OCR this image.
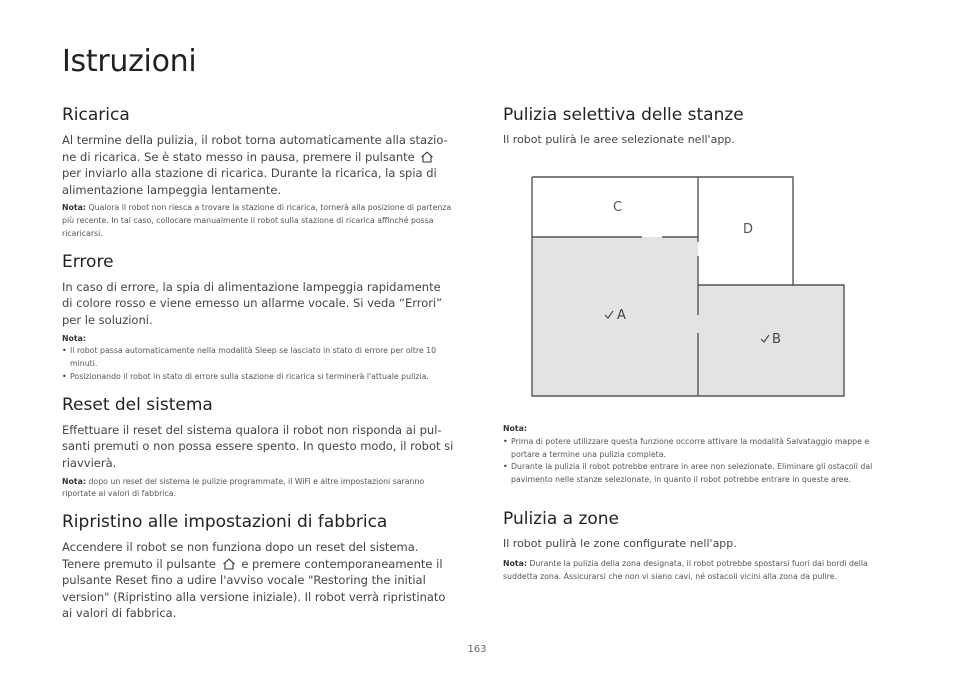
Istruzioni
Ricarica

Al termine della pulizia, il robot torna automaticamente alla stazio-ne di ricarica. Se è stato messo in pausa, premere il pulsante  per inviarlo alla stazione di ricarica. Durante la ricarica, la spia di alimentazione lampeggia lentamente.

Nota: Qualora il robot non riesca a trovare la stazione di ricarica, tornerà alla posizione di partenza più recente. In tal caso, collocare manualmente il robot sulla stazione di ricarica affinché possa ricaricarsi.

Errore

In caso di errore, la spia di alimentazione lampeggia rapidamente di colore rosso e viene emesso un allarme vocale. Si veda “Errori” per le soluzioni.

Nota:

• Il robot passa automaticamente nella modalità Sleep se lasciato in stato di errore per oltre 10 minuti.
• Posizionando il robot in stato di errore sulla stazione di ricarica si terminerà l'attuale pulizia.
Reset del sistema

Effettuare il reset del sistema qualora il robot non risponda ai pul-santi premuti o non possa essere spento. In questo modo, il robot si riavvierà.

Nota: dopo un reset del sistema le pulizie programmate, il WiFi e altre impostazioni saranno riportate ai valori di fabbrica.

Ripristino alle impostazioni di fabbrica

Accendere il robot se non funziona dopo un reset del sistema. Tenere premuto il pulsante e premere contemporaneamente il pulsante Reset fino a udire l'avviso vocale "Restoring the initial version" (Ripristino alla versione iniziale). Il robot verrà ripristinato ai valori di fabbrica.

Pulizia selettiva delle stanze

Il robot pulirà le aree selezionate nell'app.

C
D
A
B

Nota:

• Prima di potere utilizzare questa funzione occorre attivare la modalità Salvataggio mappe e portare a termine una pulizia completa.
• Durante la pulizia il robot potrebbe entrare in aree non selezionate. Eliminare gli ostacoli dal pavimento nelle stanze selezionate, in quanto il robot potrebbe entrare in queste aree.
Pulizia a zone

Il robot pulirà le zone configurate nell'app.

Nota: Durante la pulizia della zona designata, il robot potrebbe spostarsi fuori dai bordi della suddetta zona. Assicurarsi che non vi siano cavi, né ostacoli vicini alla zona da pulire.

163
